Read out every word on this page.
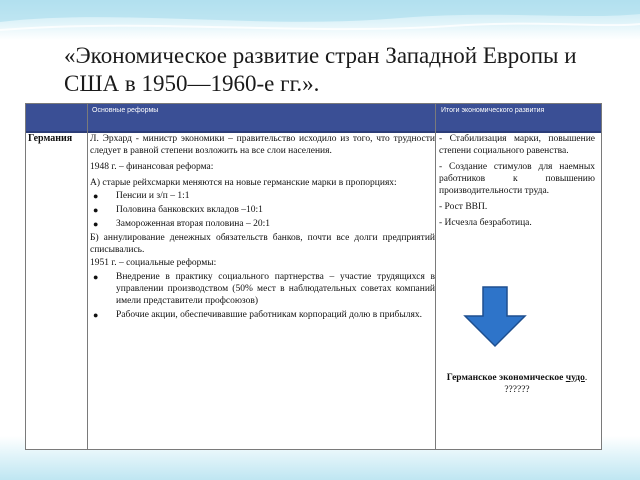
«Экономическое развитие стран Западной Европы и США в 1950—1960-е гг.».
Основные реформы	Итоги экономического развития
Германия	Л. Эрхард - министр экономики – правительство исходило из того, что трудности следует в равной степени возложить на все слои населения.

1948 г. – финансовая реформа:

А) старые рейхсмарки меняются на новые германские марки в пропорциях:

● Пенсии и з/п – 1:1
● Половина банковских вкладов –10:1
● Замороженная вторая половина – 20:1

Б) аннулирование денежных обязательств банков, почти все долги предприятий списывались.

1951 г. – социальные реформы:

● Внедрение в практику социального партнерства – участие трудящихся в управлении производством (50% мест в наблюдательных советах компаний имели представители профсоюзов)
● Рабочие акции, обеспечивавшие работникам корпораций долю в прибылях.

- Стабилизация марки, повышение степени социального равенства.

- Создание стимулов для наемных работников к повышению производительности труда.

- Рост ВВП.

- Исчезла безработица.

Германское экономическое чудо. ??????
